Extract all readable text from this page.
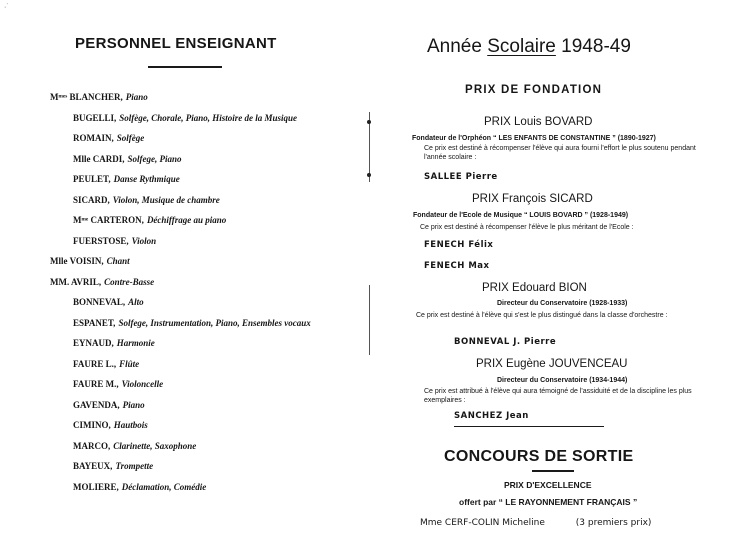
·˙
PERSONNEL ENSEIGNANT
Mᵐᵉˢ BLANCHER, Piano
BUGELLI, Solfège, Chorale, Piano, Histoire de la Musique
ROMAIN, Solfège
Mlle CARDI, Solfege, Piano
PEULET, Danse Rythmique
SICARD, Violon, Musique de chambre
Mᵐᵉ CARTERON, Déchiffrage au piano
FUERSTOSE, Violon
Mlle VOISIN, Chant
MM. AVRIL, Contre-Basse
BONNEVAL, Alto
ESPANET, Solfege, Instrumentation, Piano, Ensembles vocaux
EYNAUD, Harmonie
FAURE L., Flûte
FAURE M., Violoncelle
GAVENDA, Piano
CIMINO, Hautbois
MARCO, Clarinette, Saxophone
BAYEUX, Trompette
MOLIERE, Déclamation, Comédie
Année Scolaire 1948-49
PRIX DE FONDATION
PRIX Louis BOVARD
Fondateur de l'Orphéon “ LES ENFANTS DE CONSTANTINE ” (1890-1927)
Ce prix est destiné à récompenser l'élève qui aura fourni l'effort le plus soutenu pendant l'année scolaire :
SALLEE Pierre
PRIX François SICARD
Fondateur de l'Ecole de Musique “ LOUIS BOVARD ” (1928-1949)
Ce prix est destiné à récompenser l'élève le plus méritant de l'Ecole :
FENECH Félix
FENECH Max
PRIX Edouard BION
Directeur du Conservatoire (1928-1933)
Ce prix est destiné à l'élève qui s'est le plus distingué dans la classe d'orchestre :
BONNEVAL J. Pierre
PRIX Eugène JOUVENCEAU
Directeur du Conservatoire (1934-1944)
Ce prix est attribué à l'élève qui aura témoigné de l'assiduité et de la discipline les plus exemplaires :
SANCHEZ Jean
CONCOURS DE SORTIE
PRIX D'EXCELLENCE
offert par “ LE RAYONNEMENT FRANÇAIS ”
Mme CERF-COLIN Micheline	(3 premiers prix)
